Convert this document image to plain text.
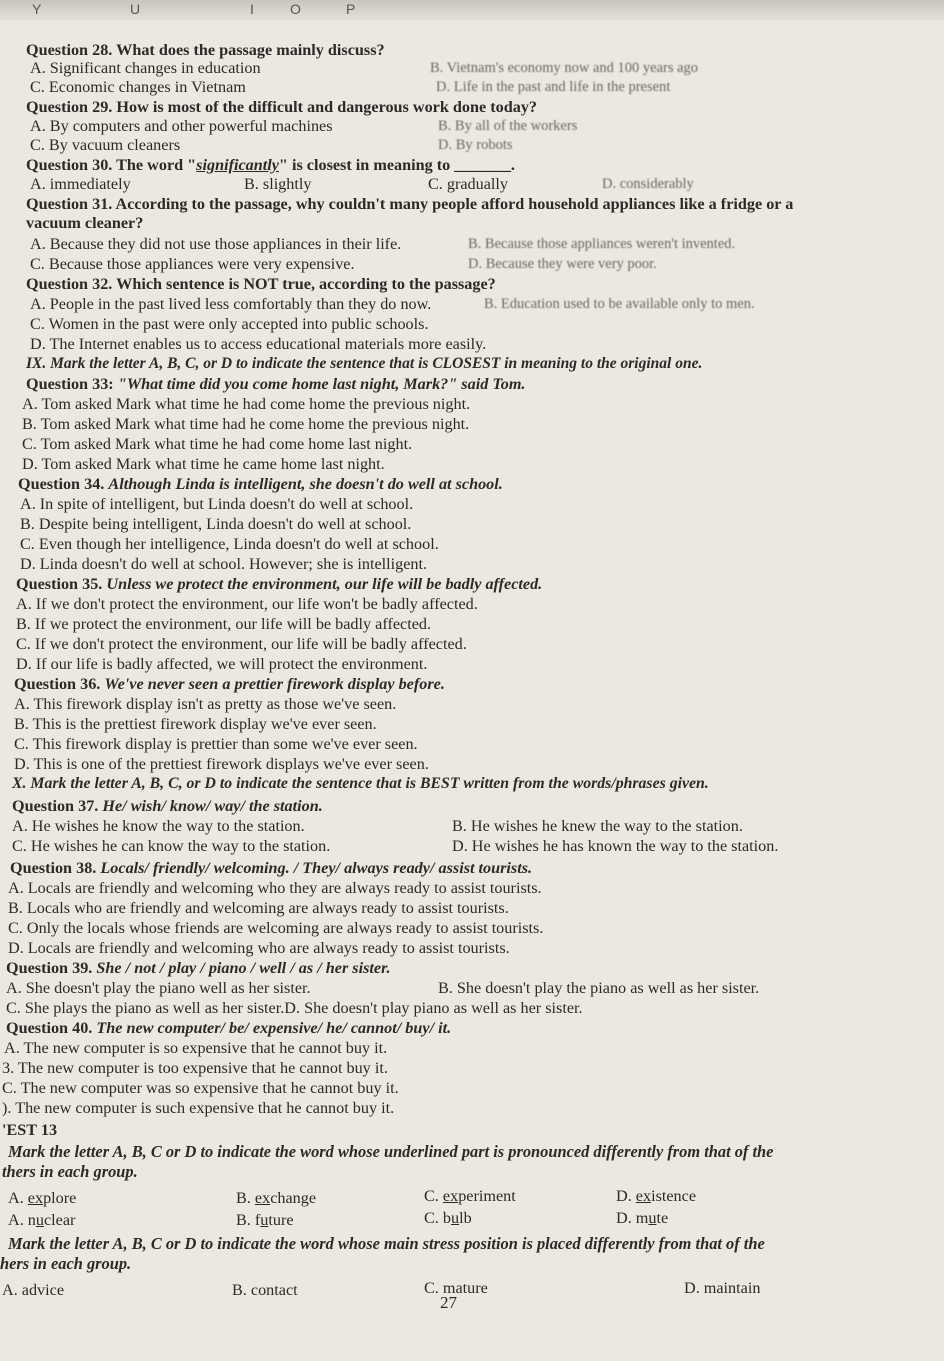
Y	U	I	O	P
Question 28. What does the passage mainly discuss?
A. Significant changes in education	B. Vietnam's economy now and 100 years ago
C. Economic changes in Vietnam	D. Life in the past and life in the present
Question 29. How is most of the difficult and dangerous work done today?
A. By computers and other powerful machines	B. By all of the workers
C. By vacuum cleaners	D. By robots
Question 30. The word "significantly" is closest in meaning to _______.
A. immediately	B. slightly	C. gradually	D. considerably
Question 31. According to the passage, why couldn't many people afford household appliances like a fridge or a
vacuum cleaner?
A. Because they did not use those appliances in their life.	B. Because those appliances weren't invented.
C. Because those appliances were very expensive.	D. Because they were very poor.
Question 32. Which sentence is NOT true, according to the passage?
A. People in the past lived less comfortably than they do now.	B. Education used to be available only to men.
C. Women in the past were only accepted into public schools.
D. The Internet enables us to access educational materials more easily.
IX. Mark the letter A, B, C, or D to indicate the sentence that is CLOSEST in meaning to the original one.
Question 33: "What time did you come home last night, Mark?" said Tom.
A. Tom asked Mark what time he had come home the previous night.
B. Tom asked Mark what time had he come home the previous night.
C. Tom asked Mark what time he had come home last night.
D. Tom asked Mark what time he came home last night.
Question 34. Although Linda is intelligent, she doesn't do well at school.
A. In spite of intelligent, but Linda doesn't do well at school.
B. Despite being intelligent, Linda doesn't do well at school.
C. Even though her intelligence, Linda doesn't do well at school.
D. Linda doesn't do well at school. However; she is intelligent.
Question 35. Unless we protect the environment, our life will be badly affected.
A. If we don't protect the environment, our life won't be badly affected.
B. If we protect the environment, our life will be badly affected.
C. If we don't protect the environment, our life will be badly affected.
D. If our life is badly affected, we will protect the environment.
Question 36. We've never seen a prettier firework display before.
A. This firework display isn't as pretty as those we've seen.
B. This is the prettiest firework display we've ever seen.
C. This firework display is prettier than some we've ever seen.
D. This is one of the prettiest firework displays we've ever seen.
X. Mark the letter A, B, C, or D to indicate the sentence that is BEST written from the words/phrases given.
Question 37. He/ wish/ know/ way/ the station.
A. He wishes he know the way to the station.	B. He wishes he knew the way to the station.
C. He wishes he can know the way to the station.	D. He wishes he has known the way to the station.
Question 38. Locals/ friendly/ welcoming. / They/ always ready/ assist tourists.
A. Locals are friendly and welcoming who they are always ready to assist tourists.
B. Locals who are friendly and welcoming are always ready to assist tourists.
C. Only the locals whose friends are welcoming are always ready to assist tourists.
D. Locals are friendly and welcoming who are always ready to assist tourists.
Question 39. She / not / play / piano / well / as / her sister.
A. She doesn't play the piano well as her sister.	B. She doesn't play the piano as well as her sister.
C. She plays the piano as well as her sister.D. She doesn't play piano as well as her sister.
Question 40. The new computer/ be/ expensive/ he/ cannot/ buy/ it.
A. The new computer is so expensive that he cannot buy it.
3. The new computer is too expensive that he cannot buy it.
C. The new computer was so expensive that he cannot buy it.
). The new computer is such expensive that he cannot buy it.
'EST 13
Mark the letter A, B, C or D to indicate the word whose underlined part is pronounced differently from that of the
thers in each group.
A. explore	B. exchange	C. experiment	D. existence
A. nuclear	B. future	C. bulb	D. mute
Mark the letter A, B, C or D to indicate the word whose main stress position is placed differently from that of the
hers in each group.
A. advice	B. contact	C. mature	D. maintain
27
